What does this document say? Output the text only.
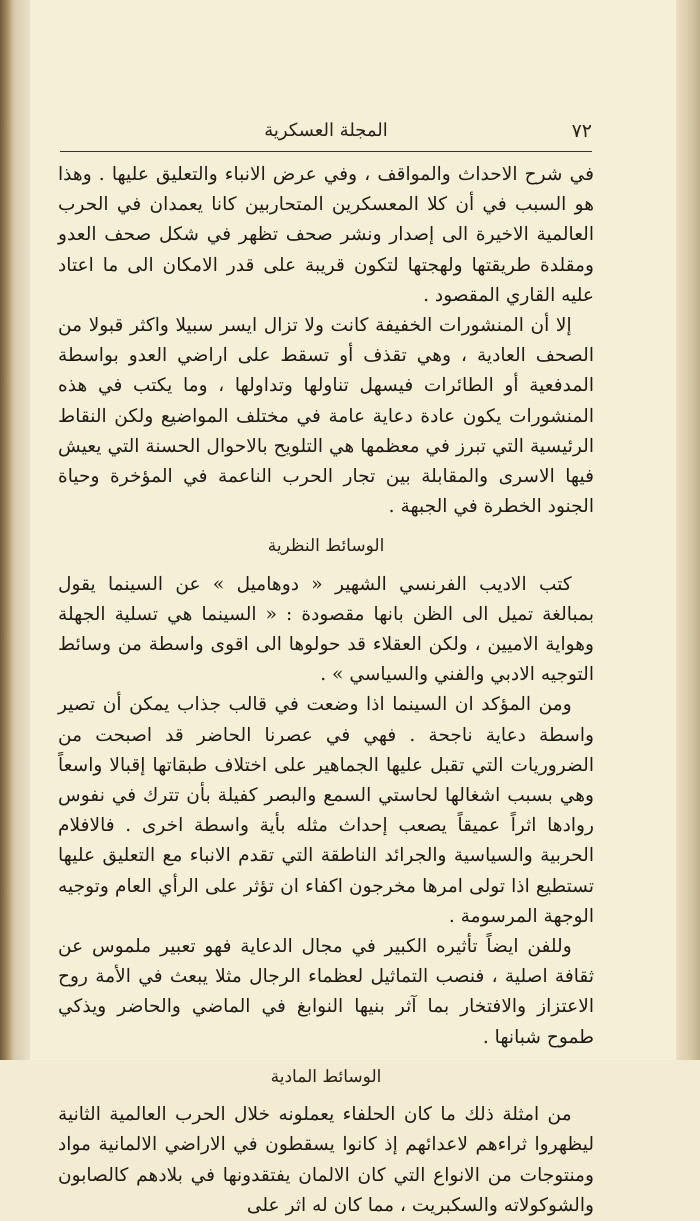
٧٢
المجلة العسكرية

في شرح الاحداث والمواقف ، وفي عرض الانباء والتعليق عليها . وهذا هو السبب في أن كلا المعسكرين المتحاربين كانا يعمدان في الحرب العالمية الاخيرة الى إصدار ونشر صحف تظهر في شكل صحف العدو ومقلدة طريقتها ولهجتها لتكون قريبة على قدر الامكان الى ما اعتاد عليه القاري المقصود .

إلا أن المنشورات الخفيفة كانت ولا تزال ايسر سبيلا واكثر قبولا من الصحف العادية ، وهي تقذف أو تسقط على اراضي العدو بواسطة المدفعية أو الطائرات فيسهل تناولها وتداولها ، وما يكتب في هذه المنشورات يكون عادة دعاية عامة في مختلف المواضيع ولكن النقاط الرئيسية التي تبرز في معظمها هي التلويح بالاحوال الحسنة التي يعيش فيها الاسرى والمقابلة بين تجار الحرب الناعمة في المؤخرة وحياة الجنود الخطرة في الجبهة .

الوسائط النظرية

كتب الاديب الفرنسي الشهير « دوهاميل » عن السينما يقول بمبالغة تميل الى الظن بانها مقصودة : « السينما هي تسلية الجهلة وهواية الاميين ، ولكن العقلاء قد حولوها الى اقوى واسطة من وسائط التوجيه الادبي والفني والسياسي » .

ومن المؤكد ان السينما اذا وضعت في قالب جذاب يمكن أن تصير واسطة دعاية ناجحة . فهي في عصرنا الحاضر قد اصبحت من الضروريات التي تقبل عليها الجماهير على اختلاف طبقاتها إقبالا واسعاً وهي بسبب اشغالها لحاستي السمع والبصر كفيلة بأن تترك في نفوس روادها اثراً عميقاً يصعب إحداث مثله بأية واسطة اخرى . فالافلام الحربية والسياسية والجرائد الناطقة التي تقدم الانباء مع التعليق عليها تستطيع اذا تولى امرها مخرجون اكفاء ان تؤثر على الرأي العام وتوجيه الوجهة المرسومة .

وللفن ايضاً تأثيره الكبير في مجال الدعاية فهو تعبير ملموس عن ثقافة اصلية ، فنصب التماثيل لعظماء الرجال مثلا يبعث في الأمة روح الاعتزاز والافتخار بما آثر بنيها النوابغ في الماضي والحاضر ويذكي طموح شبانها .

الوسائط المادية

من امثلة ذلك ما كان الحلفاء يعملونه خلال الحرب العالمية الثانية ليظهروا ثراءهم لاعدائهم إذ كانوا يسقطون في الاراضي الالمانية مواد ومنتوجات من الانواع التي كان الالمان يفتقدونها في بلادهم كالصابون والشوكولاته والسكبريت ، مما كان له اثر على
